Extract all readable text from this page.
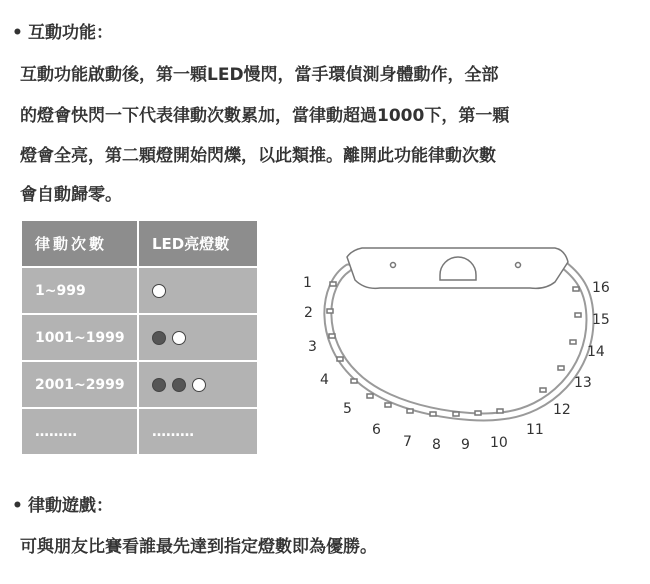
• 互動功能：
互動功能啟動後，第一顆LED慢閃，當手環偵測身體動作，全部
的燈會快閃一下代表律動次數累加，當律動超過1000下，第一顆
燈會全亮，第二顆燈開始閃爍，以此類推。離開此功能律動次數
會自動歸零。
律動次數	LED亮燈數
1~999	
1001~1999	
2001~2999	
………	………
1
2
3
4
5
6
7 8 9 10
11
12
13
14
15
16
• 律動遊戲：
可與朋友比賽看誰最先達到指定燈數即為優勝。
